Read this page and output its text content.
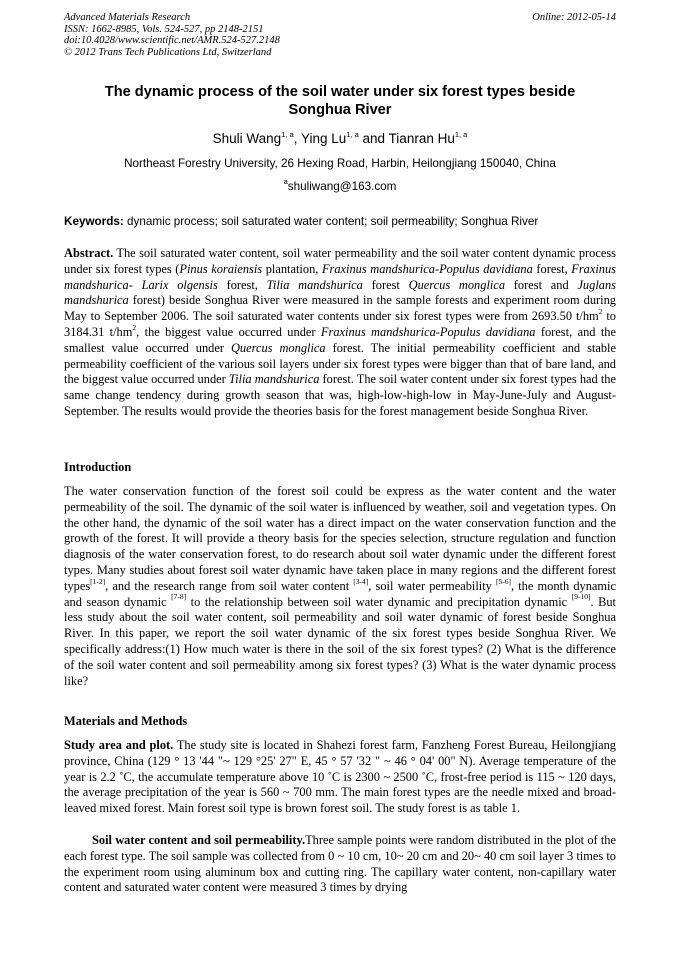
Advanced Materials Research
ISSN: 1662-8985, Vols. 524-527, pp 2148-2151
doi:10.4028/www.scientific.net/AMR.524-527.2148
© 2012 Trans Tech Publications Ltd, Switzerland
Online: 2012-05-14
The dynamic process of the soil water under six forest types beside
Songhua River
Shuli Wang$^{1, a}$, Ying Lu$^{1, a}$ and Tianran Hu$^{1, a}$
Northeast Forestry University, 26 Hexing Road, Harbin, Heilongjiang 150040, China
$^a$shuliwang@163.com
Keywords: dynamic process; soil saturated water content; soil permeability; Songhua River
Abstract. The soil saturated water content, soil water permeability and the soil water content dynamic process under six forest types (Pinus koraiensis plantation, Fraxinus mandshurica-Populus davidiana forest, Fraxinus mandshurica- Larix olgensis forest, Tilia mandshurica forest Quercus monglica forest and Juglans mandshurica forest) beside Songhua River were measured in the sample forests and experiment room during May to September 2006. The soil saturated water contents under six forest types were from 2693.50 $t/hm^2$ to 3184.31 $t/hm^2$, the biggest value occurred under Fraxinus mandshurica-Populus davidiana forest, and the smallest value occurred under Quercus monglica forest. The initial permeability coefficient and stable permeability coefficient of the various soil layers under six forest types were bigger than that of bare land, and the biggest value occurred under Tilia mandshurica forest. The soil water content under six forest types had the same change tendency during growth season that was, high-low-high-low in May-June-July and August-September. The results would provide the theories basis for the forest management beside Songhua River.
Introduction
The water conservation function of the forest soil could be express as the water content and the water permeability of the soil. The dynamic of the soil water is influenced by weather, soil and vegetation types. On the other hand, the dynamic of the soil water has a direct impact on the water conservation function and the growth of the forest. It will provide a theory basis for the species selection, structure regulation and function diagnosis of the water conservation forest, to do research about soil water dynamic under the different forest types. Many studies about forest soil water dynamic have taken place in many regions and the different forest types[1-2], and the research range from soil water content [3-4], soil water permeability [5-6], the month dynamic and season dynamic [7-8] to the relationship between soil water dynamic and precipitation dynamic [9-10]. But less study about the soil water content, soil permeability and soil water dynamic of forest beside Songhua River. In this paper, we report the soil water dynamic of the six forest types beside Songhua River. We specifically address:(1) How much water is there in the soil of the six forest types? (2) What is the difference of the soil water content and soil permeability among six forest types? (3) What is the water dynamic process like?
Materials and Methods
Study area and plot. The study site is located in Shahezi forest farm, Fanzheng Forest Bureau, Heilongjiang province, China (129 ° 13 '44 "~ 129 °25' 27" E, 45 ° 57 '32 " ~ 46 ° 04' 00" N). Average temperature of the year is 2.2 ˚C, the accumulate temperature above 10 ˚C is 2300 ~ 2500 ˚C, frost-free period is 115 ~ 120 days, the average precipitation of the year is 560 ~ 700 mm. The main forest types are the needle mixed and broad-leaved mixed forest. Main forest soil type is brown forest soil. The study forest is as table 1.
Soil water content and soil permeability.Three sample points were random distributed in the plot of the each forest type. The soil sample was collected from 0 ~ 10 cm, 10~ 20 cm and 20~ 40 cm soil layer 3 times to the experiment room using aluminum box and cutting ring. The capillary water content, non-capillary water content and saturated water content were measured 3 times by drying
